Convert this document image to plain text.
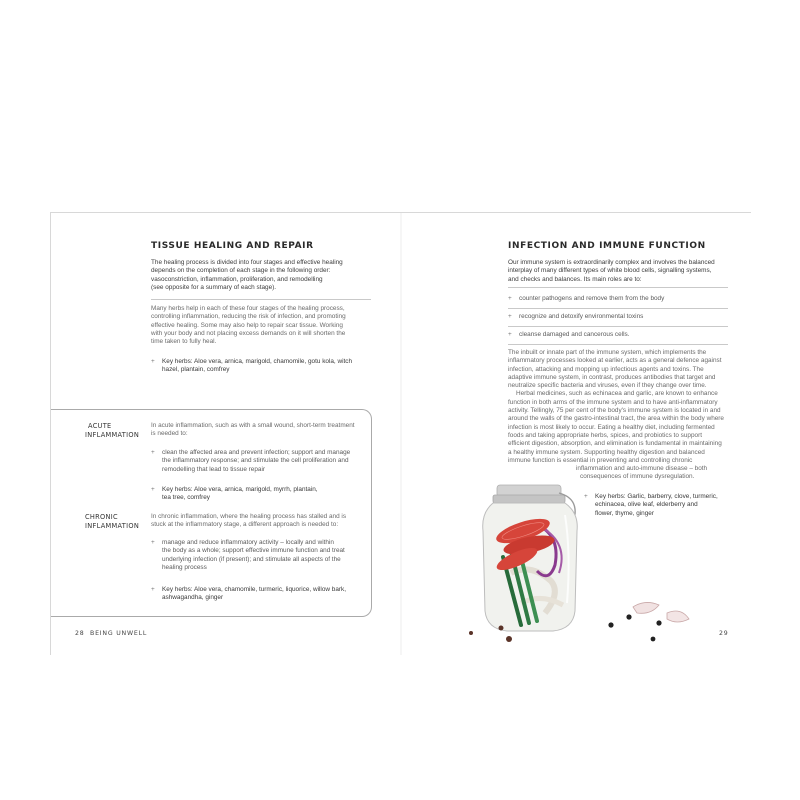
TISSUE HEALING AND REPAIR
The healing process is divided into four stages and effective healing
depends on the completion of each stage in the following order:
vasoconstriction, inflammation, proliferation, and remodelling
(see opposite for a summary of each stage).
Many herbs help in each of these four stages of the healing process,
controlling inflammation, reducing the risk of infection, and promoting
effective healing. Some may also help to repair scar tissue. Working
with your body and not placing excess demands on it will shorten the
time taken to fully heal.
+ Key herbs: Aloe vera, arnica, marigold, chamomile, gotu kola, witch
hazel, plantain, comfrey
ACUTE
INFLAMMATION
In acute inflammation, such as with a small wound, short-term treatment
is needed to:
+ clean the affected area and prevent infection; support and manage
the inflammatory response; and stimulate the cell proliferation and
remodelling that lead to tissue repair
+ Key herbs: Aloe vera, arnica, marigold, myrrh, plantain,
tea tree, comfrey
CHRONIC
INFLAMMATION
In chronic inflammation, where the healing process has stalled and is
stuck at the inflammatory stage, a different approach is needed to:
+ manage and reduce inflammatory activity – locally and within
the body as a whole; support effective immune function and treat
underlying infection (if present); and stimulate all aspects of the
healing process
+ Key herbs: Aloe vera, chamomile, turmeric, liquorice, willow bark,
ashwagandha, ginger
28 BEING UNWELL
INFECTION AND IMMUNE FUNCTION
Our immune system is extraordinarily complex and involves the balanced
interplay of many different types of white blood cells, signalling systems,
and checks and balances. Its main roles are to:
+	counter pathogens and remove them from the body
+	recognize and detoxify environmental toxins
+	cleanse damaged and cancerous cells.
The inbuilt or innate part of the immune system, which implements the
inflammatory processes looked at earlier, acts as a general defence against
infection, attacking and mopping up infectious agents and toxins. The
adaptive immune system, in contrast, produces antibodies that target and
neutralize specific bacteria and viruses, even if they change over time.
Herbal medicines, such as echinacea and garlic, are known to enhance
function in both arms of the immune system and to have anti-inflammatory
activity. Tellingly, 75 per cent of the body's immune system is located in and
around the walls of the gastro-intestinal tract, the area within the body where
infection is most likely to occur. Eating a healthy diet, including fermented
foods and taking appropriate herbs, spices, and probiotics to support
efficient digestion, absorption, and elimination is fundamental in maintaining
a healthy immune system. Supporting healthy digestion and balanced
immune function is essential in preventing and controlling chronic
inflammation and auto-immune disease – both
consequences of immune dysregulation.
+ Key herbs: Garlic, barberry, clove, turmeric,
echinacea, olive leaf, elderberry and
flower, thyme, ginger
29
